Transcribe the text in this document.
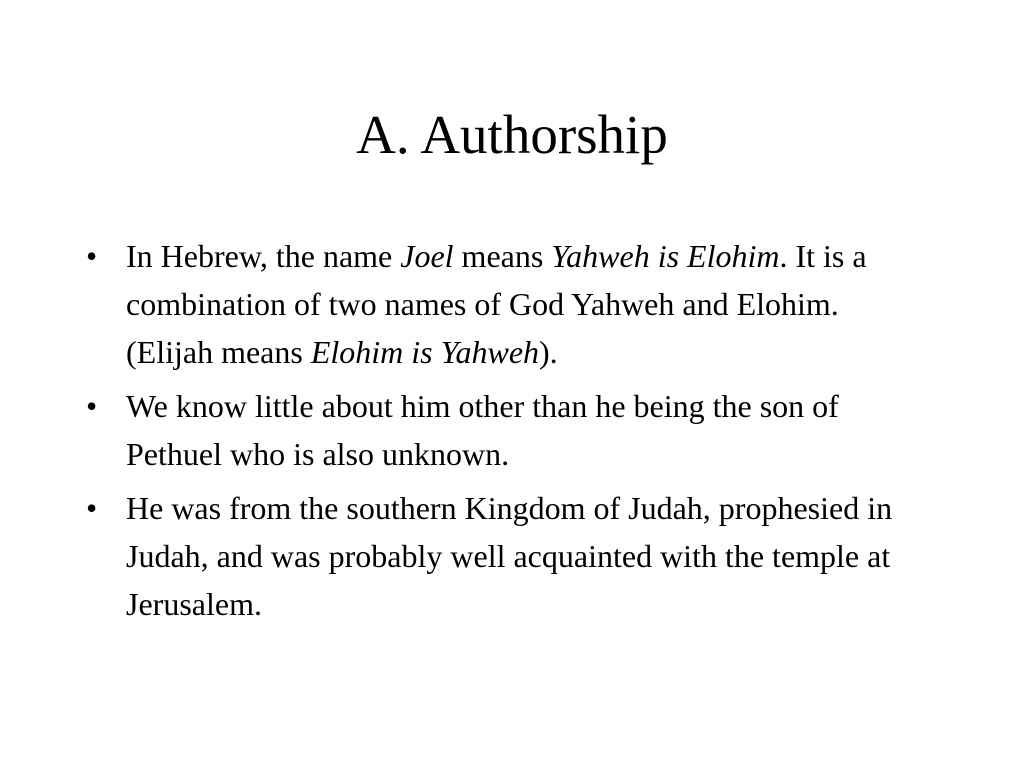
A. Authorship
• In Hebrew, the name Joel means Yahweh is Elohim. It is a combination of two names of God Yahweh and Elohim. (Elijah means Elohim is Yahweh).
• We know little about him other than he being the son of Pethuel who is also unknown.
• He was from the southern Kingdom of Judah, prophesied in Judah, and was probably well acquainted with the temple at Jerusalem.
